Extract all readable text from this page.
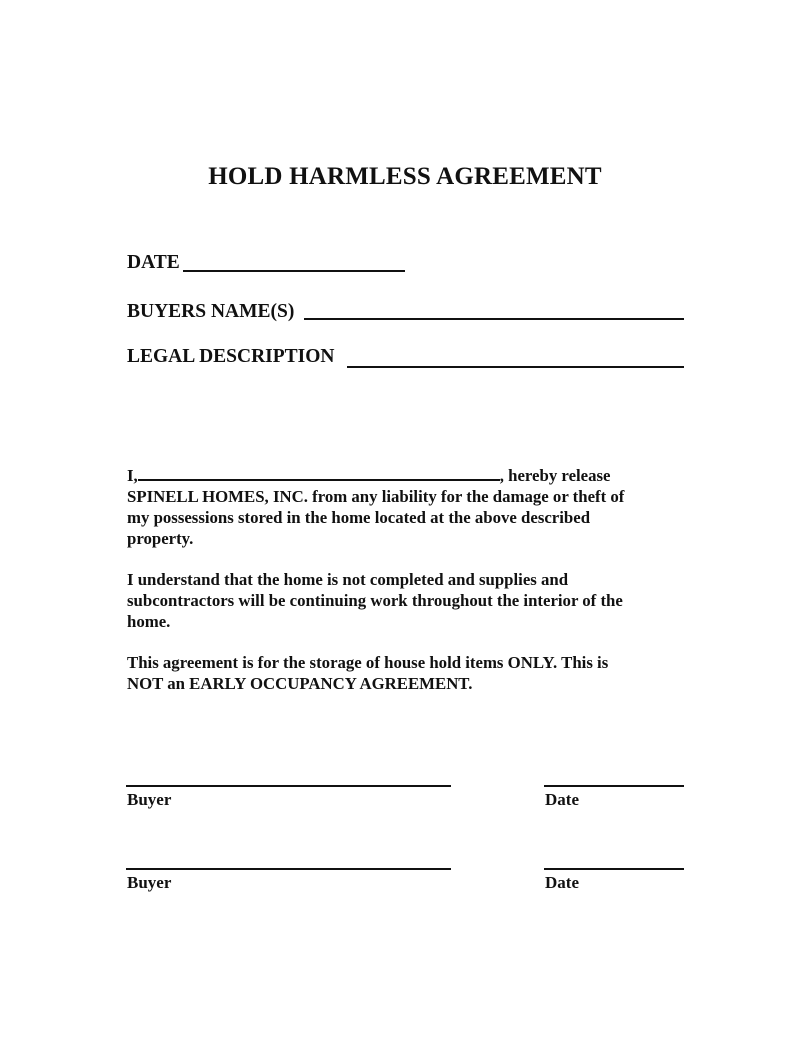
HOLD HARMLESS AGREEMENT
DATE
BUYERS NAME(S)
LEGAL DESCRIPTION

I,	, hereby release

SPINELL HOMES, INC. from any liability for the damage or theft of

my possessions stored in the home located at the above described

property.

I understand that the home is not completed and supplies and

subcontractors will be continuing work throughout the interior of the

home.

This agreement is for the storage of house hold items ONLY. This is

NOT an EARLY OCCUPANCY AGREEMENT.

Buyer	Date
Buyer	Date
